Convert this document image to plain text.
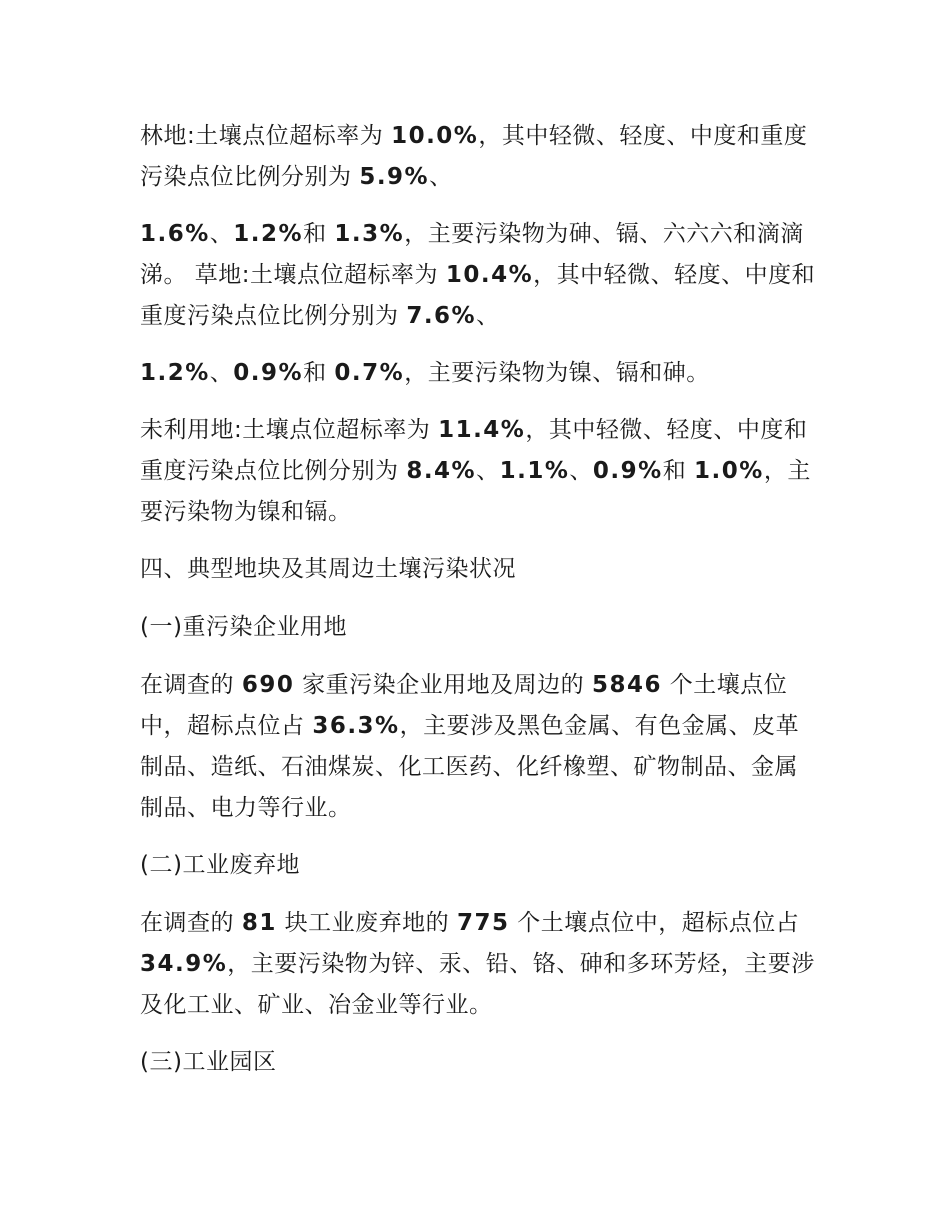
林地:土壤点位超标率为 10.0%，其中轻微、轻度、中度和重度污染点位比例分别为 5.9%、

1.6%、1.2%和 1.3%，主要污染物为砷、镉、六六六和滴滴涕。 草地:土壤点位超标率为 10.4%，其中轻微、轻度、中度和重度污染点位比例分别为 7.6%、

1.2%、0.9%和 0.7%，主要污染物为镍、镉和砷。

未利用地:土壤点位超标率为 11.4%，其中轻微、轻度、中度和重度污染点位比例分别为 8.4%、1.1%、0.9%和 1.0%，主要污染物为镍和镉。

四、典型地块及其周边土壤污染状况

(一)重污染企业用地

在调查的 690 家重污染企业用地及周边的 5846 个土壤点位中，超标点位占 36.3%，主要涉及黑色金属、有色金属、皮革制品、造纸、石油煤炭、化工医药、化纤橡塑、矿物制品、金属制品、电力等行业。

(二)工业废弃地

在调查的 81 块工业废弃地的 775 个土壤点位中，超标点位占 34.9%，主要污染物为锌、汞、铅、铬、砷和多环芳烃，主要涉及化工业、矿业、冶金业等行业。

(三)工业园区
